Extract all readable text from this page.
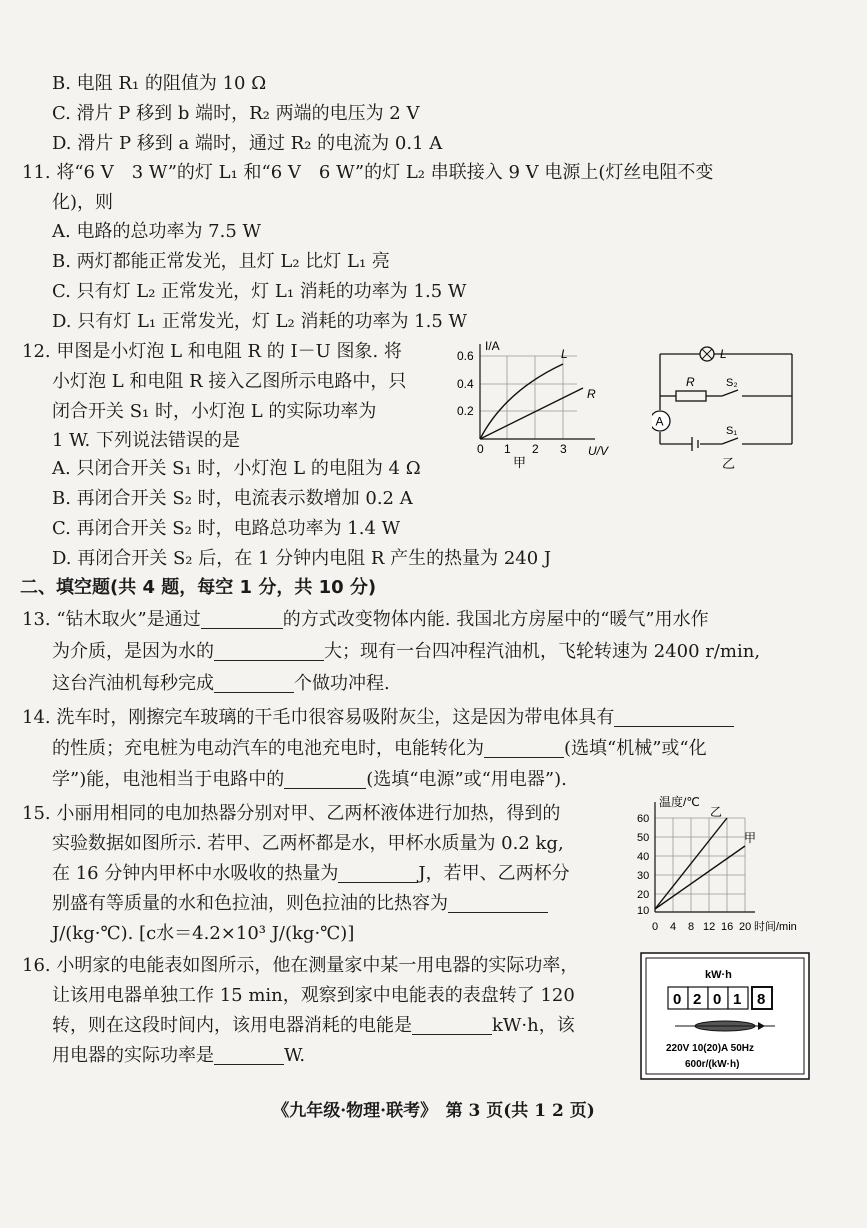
B. 电阻 R₁ 的阻值为 10 Ω
C. 滑片 P 移到 b 端时，R₂ 两端的电压为 2 V
D. 滑片 P 移到 a 端时，通过 R₂ 的电流为 0.1 A
11. 将“6 V　3 W”的灯 L₁ 和“6 V　6 W”的灯 L₂ 串联接入 9 V 电源上(灯丝电阻不变
化)，则
A. 电路的总功率为 7.5 W
B. 两灯都能正常发光，且灯 L₂ 比灯 L₁ 亮
C. 只有灯 L₂ 正常发光，灯 L₁ 消耗的功率为 1.5 W
D. 只有灯 L₁ 正常发光，灯 L₂ 消耗的功率为 1.5 W
12. 甲图是小灯泡 L 和电阻 R 的 I－U 图象. 将
小灯泡 L 和电阻 R 接入乙图所示电路中，只
闭合开关 S₁ 时，小灯泡 L 的实际功率为
1 W. 下列说法错误的是
A. 只闭合开关 S₁ 时，小灯泡 L 的电阻为 4 Ω
B. 再闭合开关 S₂ 时，电流表示数增加 0.2 A
C. 再闭合开关 S₂ 时，电路总功率为 1.4 W
D. 再闭合开关 S₂ 后，在 1 分钟内电阻 R 产生的热量为 240 J
I/A
0.6
0.4
0.2
0 1 2 3 U/V
L
R
甲
A
L
R	S₂
S₁
乙
二、填空题(共 4 题，每空 1 分，共 10 分)
13. “钻木取火”是通过	的方式改变物体内能. 我国北方房屋中的“暖气”用水作
为介质，是因为水的	大；现有一台四冲程汽油机，飞轮转速为 2400 r/min,
这台汽油机每秒完成	个做功冲程.
14. 洗车时，刚擦完车玻璃的干毛巾很容易吸附灰尘，这是因为带电体具有
的性质；充电桩为电动汽车的电池充电时，电能转化为	(选填“机械”或“化
学”)能，电池相当于电路中的	(选填“电源”或“用电器”).
15. 小丽用相同的电加热器分别对甲、乙两杯液体进行加热，得到的
实验数据如图所示. 若甲、乙两杯都是水，甲杯水质量为 0.2 kg,
在 16 分钟内甲杯中水吸收的热量为	J，若甲、乙两杯分
别盛有等质量的水和色拉油，则色拉油的比热容为
J/(kg·℃). [c水＝4.2×10³ J/(kg·℃)]
温度/℃
60
50
40
30
20
10
0 4 8 12 16 20 时间/min
乙
甲
16. 小明家的电能表如图所示，他在测量家中某一用电器的实际功率，
让该用电器单独工作 15 min，观察到家中电能表的表盘转了 120
转，则在这段时间内，该用电器消耗的电能是	kW·h，该
用电器的实际功率是	W.
kW·h
0 2 0 1 8
220V 10(20)A 50Hz
600r/(kW·h)
《九年级·物理·联考》　第 3 页(共 1 2 页)
